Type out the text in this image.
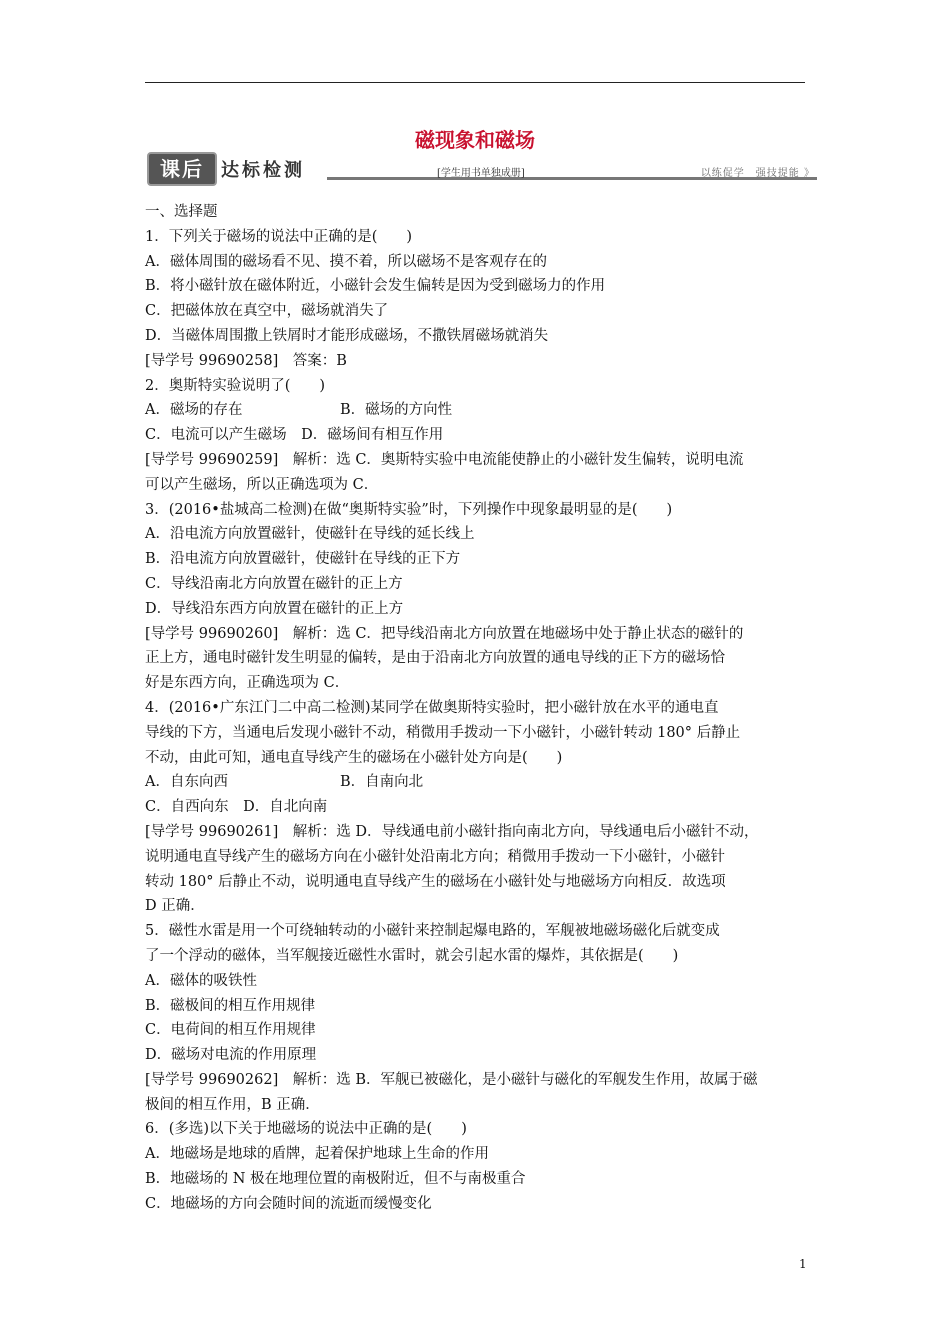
磁现象和磁场
课后 达标检测	[学生用书单独成册]	以练促学　强技提能 》

一、选择题

1．下列关于磁场的说法中正确的是(　　)

A．磁体周围的磁场看不见、摸不着，所以磁场不是客观存在的

B．将小磁针放在磁体附近，小磁针会发生偏转是因为受到磁场力的作用

C．把磁体放在真空中，磁场就消失了

D．当磁体周围撒上铁屑时才能形成磁场，不撒铁屑磁场就消失

[导学号 99690258]　答案：B

2．奥斯特实验说明了(　　)

A．磁场的存在	B．磁场的方向性

C．电流可以产生磁场　D．磁场间有相互作用

[导学号 99690259]　解析：选 C．奥斯特实验中电流能使静止的小磁针发生偏转，说明电流

可以产生磁场，所以正确选项为 C．

3．(2016•盐城高二检测)在做“奥斯特实验”时，下列操作中现象最明显的是(　　)

A．沿电流方向放置磁针，使磁针在导线的延长线上

B．沿电流方向放置磁针，使磁针在导线的正下方

C．导线沿南北方向放置在磁针的正上方

D．导线沿东西方向放置在磁针的正上方

[导学号 99690260]　解析：选 C．把导线沿南北方向放置在地磁场中处于静止状态的磁针的

正上方，通电时磁针发生明显的偏转，是由于沿南北方向放置的通电导线的正下方的磁场恰

好是东西方向，正确选项为 C．

4．(2016•广东江门二中高二检测)某同学在做奥斯特实验时，把小磁针放在水平的通电直

导线的下方，当通电后发现小磁针不动，稍微用手拨动一下小磁针，小磁针转动 180° 后静止

不动，由此可知，通电直导线产生的磁场在小磁针处方向是(　　)

A．自东向西	B．自南向北

C．自西向东　D．自北向南

[导学号 99690261]　解析：选 D．导线通电前小磁针指向南北方向，导线通电后小磁针不动，

说明通电直导线产生的磁场方向在小磁针处沿南北方向；稍微用手拨动一下小磁针，小磁针

转动 180° 后静止不动，说明通电直导线产生的磁场在小磁针处与地磁场方向相反．故选项

D 正确．

5．磁性水雷是用一个可绕轴转动的小磁针来控制起爆电路的，军舰被地磁场磁化后就变成

了一个浮动的磁体，当军舰接近磁性水雷时，就会引起水雷的爆炸，其依据是(　　)

A．磁体的吸铁性

B．磁极间的相互作用规律

C．电荷间的相互作用规律

D．磁场对电流的作用原理

[导学号 99690262]　解析：选 B．军舰已被磁化，是小磁针与磁化的军舰发生作用，故属于磁

极间的相互作用，B 正确．

6．(多选)以下关于地磁场的说法中正确的是(　　)

A．地磁场是地球的盾牌，起着保护地球上生命的作用

B．地磁场的 N 极在地理位置的南极附近，但不与南极重合

C．地磁场的方向会随时间的流逝而缓慢变化

1
